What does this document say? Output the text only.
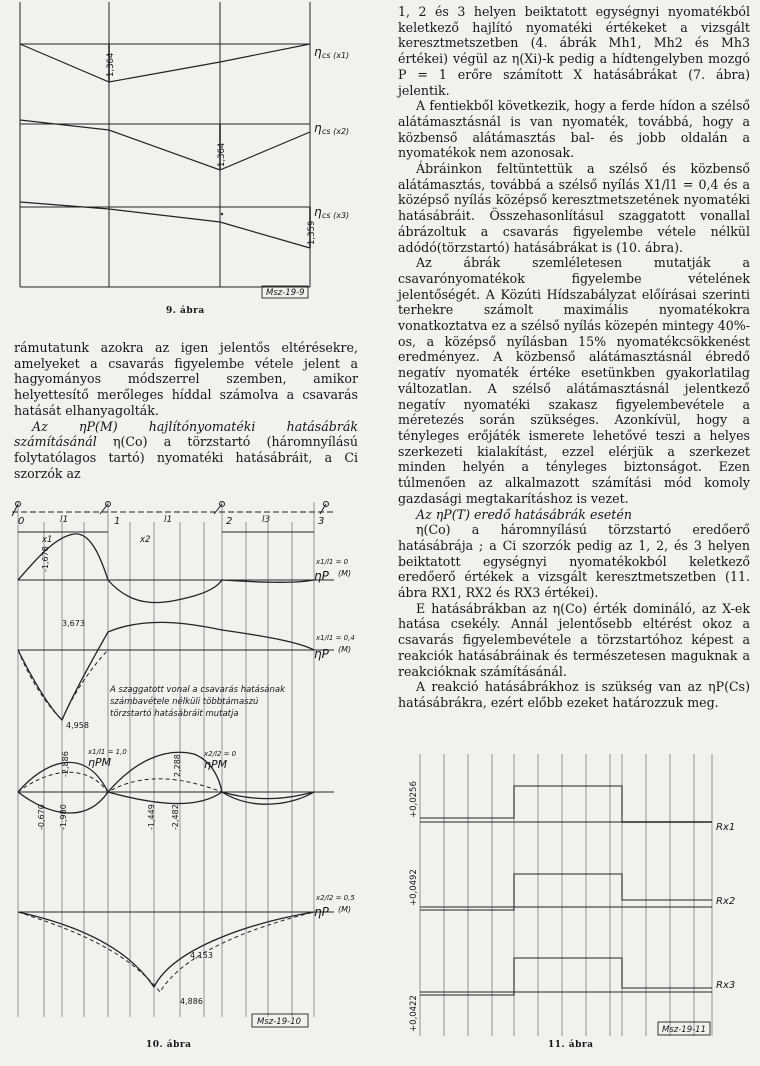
1,364
1,364
1,359
η cs (x1)
η cs (x2)
η cs (x3)
Msz-19-9
9. ábra

rámutatunk azokra az igen jelentős eltérésekre, amelyeket a csavarás figyelembe vétele jelent a hagyományos módszerrel szemben, amikor helyettesítő merőleges híddal számolva a csavarás hatását elhanyagolták.

Az ηP(M) hajlítónyomatéki hatásábrák számításánál η(Co) a törzstartó (háromnyílású folytatólagos tartó) nyomatéki hatásábráit, a Ci szorzók az

0	1	2	3
l1	l1	l3
x1	x2
-1,678
3,673
4,958
-2,886
-0,670 -1,980
2,288
-1,449 -2,482
4,153
4,886
x1/l1 = 0
ηP (M)
x1/l1 = 0,4
ηP (M)
x1/l1 = 1,0
ηPM
x2/l2 = 0
ηPM
x2/l2 = 0,5
ηP (M)
A szaggatott vonal a csavarás hatásának
számbavétele nélküli többtámaszú
törzstartó hatásábráit mutatja
Msz-19-10
10. ábra

1, 2 és 3 helyen beiktatott egységnyi nyomatékból keletkező hajlító nyomatéki értékeket a vizsgált keresztmetszetben (4. ábrák Mh1, Mh2 és Mh3 értékei) végül az η(Xi)-k pedig a hídtengelyben mozgó P = 1 erőre számított X hatásábrákat (7. ábra) jelentik.

A fentiekből következik, hogy a ferde hídon a szélső alátámasztásnál is van nyomaték, továbbá, hogy a közbenső alátámasztás bal- és jobb oldalán a nyomatékok nem azonosak.

Ábráinkon feltüntettük a szélső és közbenső alátámasztás, továbbá a szélső nyílás X1/l1 = 0,4 és a középső nyílás középső keresztmetszetének nyomatéki hatásábráit. Összehasonlításul szaggatott vonallal ábrázoltuk a csavarás figyelembe vétele nélkül adódó(törzstartó) hatásábrákat is (10. ábra).

Az ábrák szemléletesen mutatják a csavarónyomatékok figyelembe vételének jelentőségét. A Közúti Hídszabályzat előírásai szerinti terhekre számolt maximális nyomatékokra vonatkoztatva ez a szélső nyílás közepén mintegy 40%-os, a középső nyílásban 15% nyomatékcsökkenést eredményez. A közbenső alátámasztásnál ébredő negatív nyomaték értéke esetünkben gyakorlatilag változatlan. A szélső alátámasztásnál jelentkező negatív nyomatéki szakasz figyelembevétele a méretezés során szükséges. Azonkívül, hogy a tényleges erőjáték ismerete lehetővé teszi a helyes szerkezeti kialakítást, ezzel elérjük a szerkezet minden helyén a tényleges biztonságot. Ezen túlmenően az alkalmazott számítási mód komoly gazdasági megtakarításhoz is vezet.

Az ηP(T) eredő hatásábrák esetén

η(Co) a háromnyílású törzstartó eredőerő hatásábrája ; a Ci szorzók pedig az 1, 2, és 3 helyen beiktatott egységnyi nyomatékokból keletkező eredőerő értékek a vizsgált keresztmetszetben (11. ábra RX1, RX2 és RX3 értékei).

E hatásábrákban az η(Co) érték domináló, az X-ek hatása csekély. Annál jelentősebb eltérést okoz a csavarás figyelembevétele a törzstartóhoz képest a reakciók hatásábráinak és természetesen maguknak a reakcióknak számításánál.

A reakció hatásábrákhoz is szükség van az ηP(Cs) hatásábrákra, ezért előbb ezeket határozzuk meg.

+0,0256
+0,0492
+0,0422
Rx1
Rx2
Rx3
Msz-19-11
11. ábra
